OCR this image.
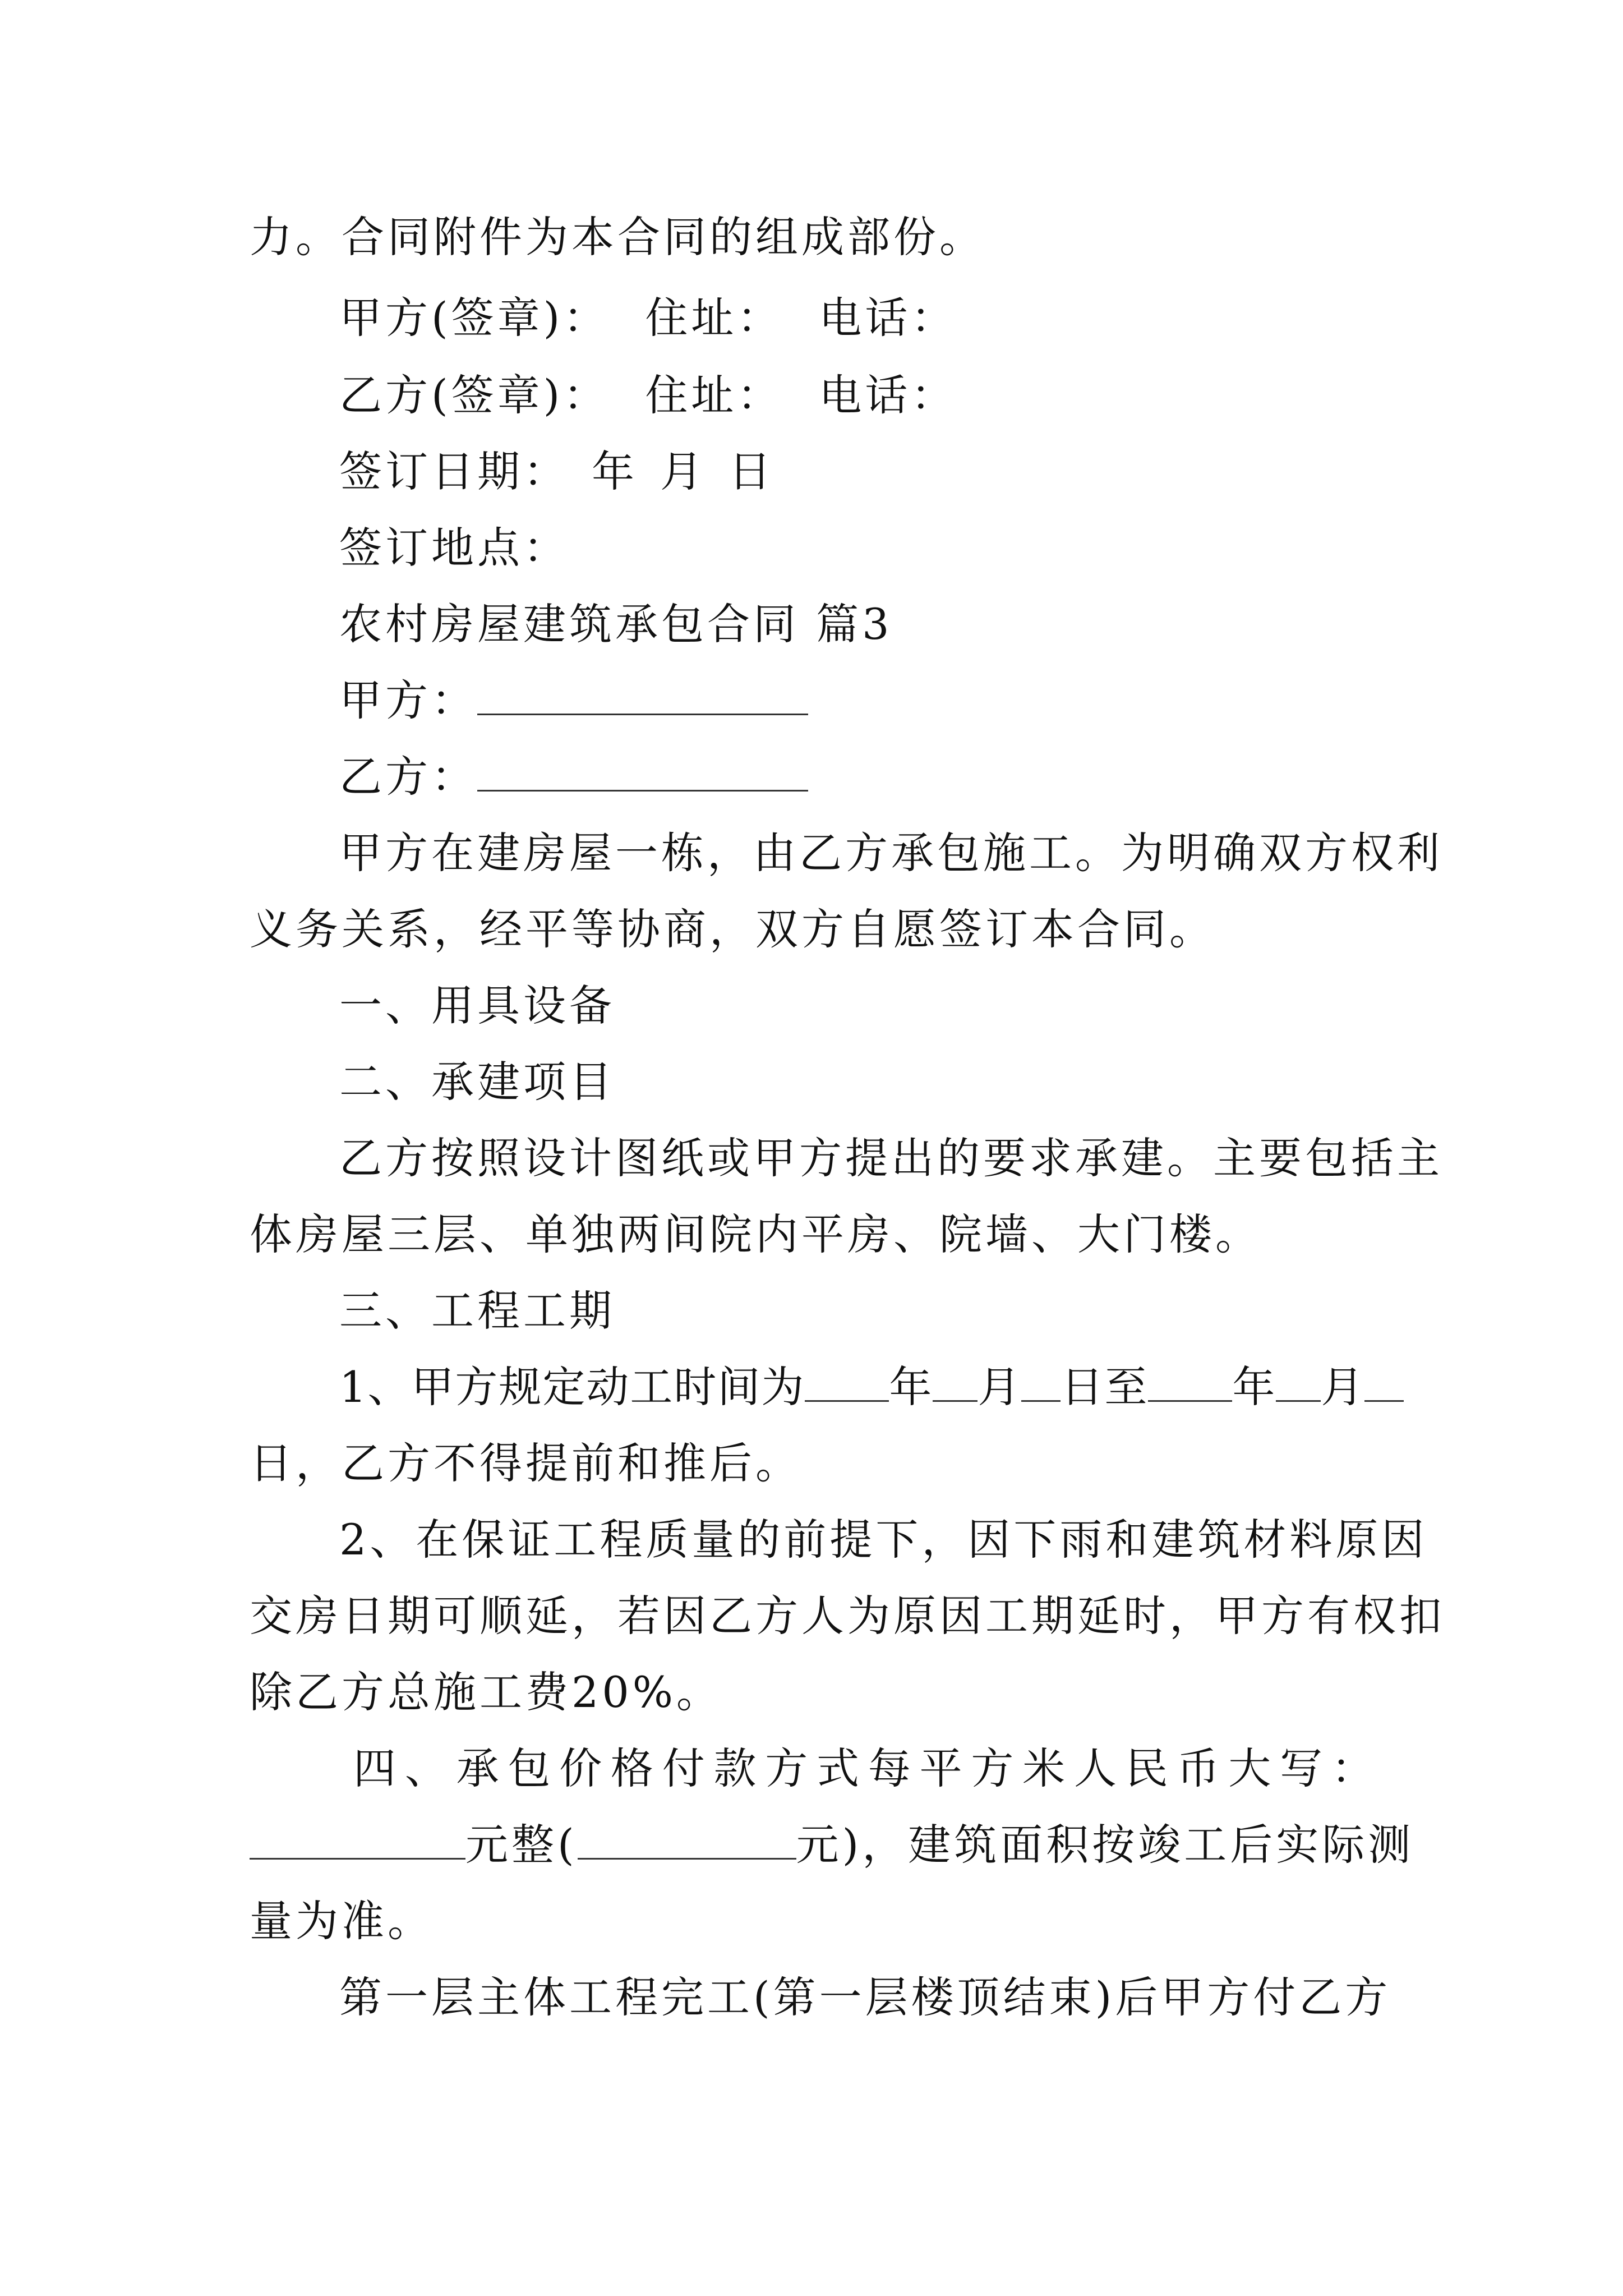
力。合同附件为本合同的组成部份。
甲方(签章)： 住址： 电话：
乙方(签章)： 住址： 电话：
签订日期： 年 月 日
签订地点：
农村房屋建筑承包合同 篇3
甲方：
乙方：
甲方在建房屋一栋，由乙方承包施工。为明确双方权利
义务关系，经平等协商，双方自愿签订本合同。
一、用具设备
二、承建项目
乙方按照设计图纸或甲方提出的要求承建。主要包括主
体房屋三层、单独两间院内平房、院墙、大门楼。
三、工程工期
1、甲方规定动工时间为 年 月 日至 年 月
日，乙方不得提前和推后。
2、在保证工程质量的前提下，因下雨和建筑材料原因
交房日期可顺延，若因乙方人为原因工期延时，甲方有权扣
除乙方总施工费20%。
四 、 承 包 价 格 付 款 方 式 每 平 方 米 人 民 币 大 写 ：
元整(	元)，建筑面积按竣工后实际测
量为准。
第一层主体工程完工(第一层楼顶结束)后甲方付乙方
